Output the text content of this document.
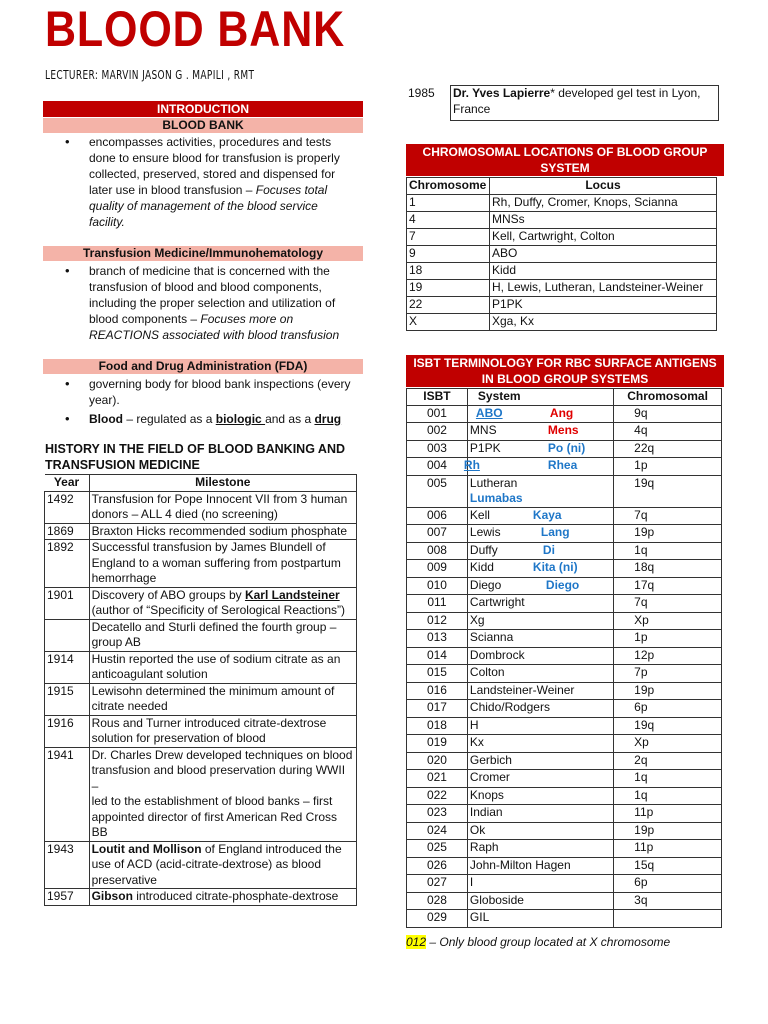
BLOOD BANK
LECTURER: MARVIN JASON G . MAPILI , RMT
INTRODUCTION
BLOOD BANK
• encompasses activities, procedures and tests done to ensure blood for transfusion is properly collected, preserved, stored and dispensed for later use in blood transfusion – Focuses total quality of management of the blood service facility.
Transfusion Medicine/Immunohematology
• branch of medicine that is concerned with the transfusion of blood and blood components, including the proper selection and utilization of blood components – Focuses more on REACTIONS associated with blood transfusion
Food and Drug Administration (FDA)
• governing body for blood bank inspections (every year).
• Blood – regulated as a biologic and as a drug
HISTORY IN THE FIELD OF BLOOD BANKING AND TRANSFUSION MEDICINE
Year	Milestone
1492	Transfusion for Pope Innocent VII from 3 human donors – ALL 4 died (no screening)
1869	Braxton Hicks recommended sodium phosphate
1892	Successful transfusion by James Blundell of England to a woman suffering from postpartum hemorrhage
1901	Discovery of ABO groups by Karl Landsteiner
(author of “Specificity of Serological Reactions”)
	Decatello and Sturli defined the fourth group – group AB
1914	Hustin reported the use of sodium citrate as an anticoagulant solution
1915	Lewisohn determined the minimum amount of citrate needed
1916	Rous and Turner introduced citrate-dextrose solution for preservation of blood
1941	Dr. Charles Drew developed techniques on blood transfusion and blood preservation during WWII –
led to the establishment of blood banks – first appointed director of first American Red Cross BB
1943	Loutit and Mollison of England introduced the use of ACD (acid-citrate-dextrose) as blood preservative
1957	Gibson introduced citrate-phosphate-dextrose
1985	Dr. Yves Lapierre* developed gel test in Lyon, France
CHROMOSOMAL LOCATIONS OF BLOOD GROUP SYSTEM
Chromosome	Locus
1	Rh, Duffy, Cromer, Knops, Scianna
4	MNSs
7	Kell, Cartwright, Colton
9	ABO
18	Kidd
19	H, Lewis, Lutheran, Landsteiner-Weiner
22	P1PK
X	Xga, Kx
ISBT TERMINOLOGY FOR RBC SURFACE ANTIGENS IN BLOOD GROUP SYSTEMS
ISBT	System	Chromosomal
001	ABO Ang	9q
002	MNS Mens	4q
003	P1PK Po (ni)	22q
004	Rh Rhea	1p
005	Lutheran
Lumabas	19q
006	Kell Kaya	7q
007	Lewis Lang	19p
008	Duffy Di	1q
009	Kidd Kita (ni)	18q
010	Diego Diego	17q
011	Cartwright	7q
012	Xg	Xp
013	Scianna	1p
014	Dombrock	12p
015	Colton	7p
016	Landsteiner-Weiner	19p
017	Chido/Rodgers	6p
018	H	19q
019	Kx	Xp
020	Gerbich	2q
021	Cromer	1q
022	Knops	1q
023	Indian	11p
024	Ok	19p
025	Raph	11p
026	John-Milton Hagen	15q
027	I	6p
028	Globoside	3q
029	GIL	
012 – Only blood group located at X chromosome
